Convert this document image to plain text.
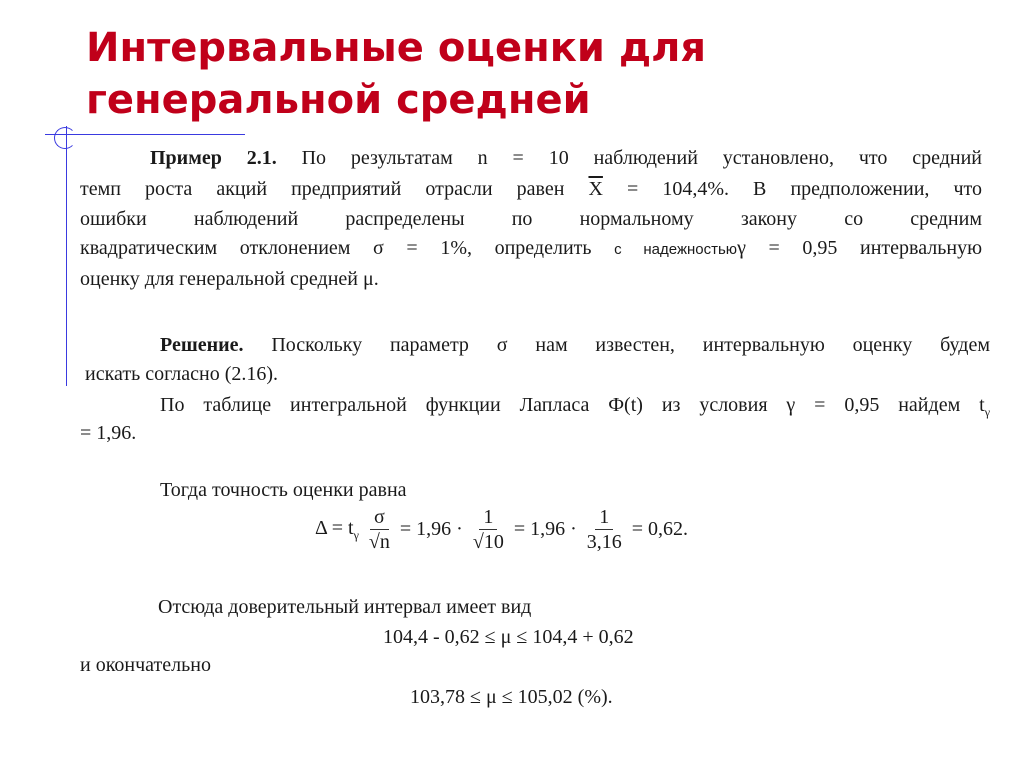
Интервальные оценки для генеральной средней
Пример 2.1. По результатам n = 10 наблюдений установлено, что средний
темп роста акций предприятий отрасли равен $\overline{X} = 104,4\%$. В предположении, что
ошибки наблюдений распределены по нормальному закону со средним
квадратическим отклонением σ = 1%, определить с надежностьюγ = 0,95 интервальную
оценку для генеральной средней μ.
Решение. Поскольку параметр σ нам известен, интервальную оценку будем
искать согласно (2.16).
По таблице интегральной функции Лапласа Ф(t) из условия γ = 0,95 найдем $t_\gamma$
= 1,96.
Тогда точность оценки равна
$\Delta = t_\gamma \frac{\sigma}{√n} = 1,96 \cdot \frac{1}{√10} = 1,96 \cdot \frac{1}{3,16} = 0,62$.
Отсюда доверительный интервал имеет вид
104,4 - 0,62 ≤ μ ≤ 104,4 + 0,62
и окончательно
103,78 ≤ μ ≤ 105,02 (%).
